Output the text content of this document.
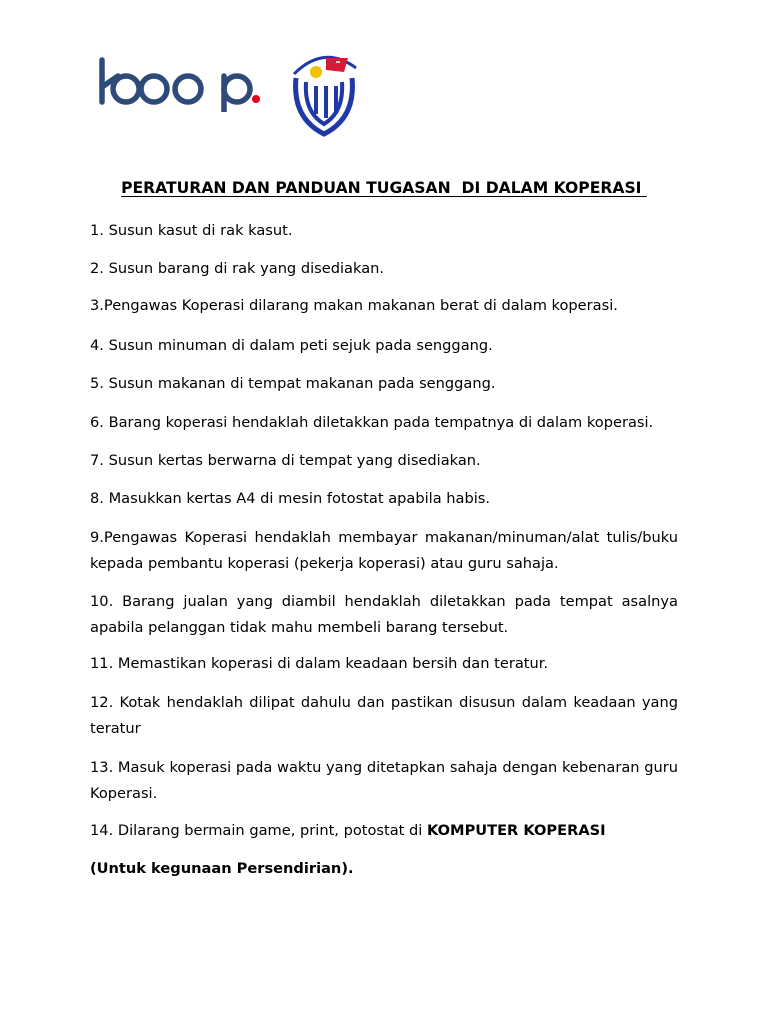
PERATURAN DAN PANDUAN TUGASAN  DI DALAM KOPERASI

1. Susun kasut di rak kasut.

2. Susun barang di rak yang disediakan.

3.Pengawas Koperasi dilarang makan makanan berat di dalam koperasi.

4. Susun minuman di dalam peti sejuk pada senggang.

5. Susun makanan di tempat makanan pada senggang.

6. Barang koperasi hendaklah diletakkan pada tempatnya di dalam koperasi.

7. Susun kertas berwarna di tempat yang disediakan.

8. Masukkan kertas A4 di mesin fotostat apabila habis.

9.Pengawas Koperasi hendaklah membayar makanan/minuman/alat tulis/buku kepada pembantu koperasi (pekerja koperasi) atau guru sahaja.

10. Barang jualan yang diambil hendaklah diletakkan pada tempat asalnya apabila pelanggan tidak mahu membeli barang tersebut.

11. Memastikan koperasi di dalam keadaan bersih dan teratur.

12. Kotak hendaklah dilipat dahulu dan pastikan disusun dalam keadaan yang teratur

13. Masuk koperasi pada waktu yang ditetapkan sahaja dengan kebenaran guru Koperasi.

14. Dilarang bermain game, print, potostat di KOMPUTER KOPERASI

(Untuk kegunaan Persendirian).
